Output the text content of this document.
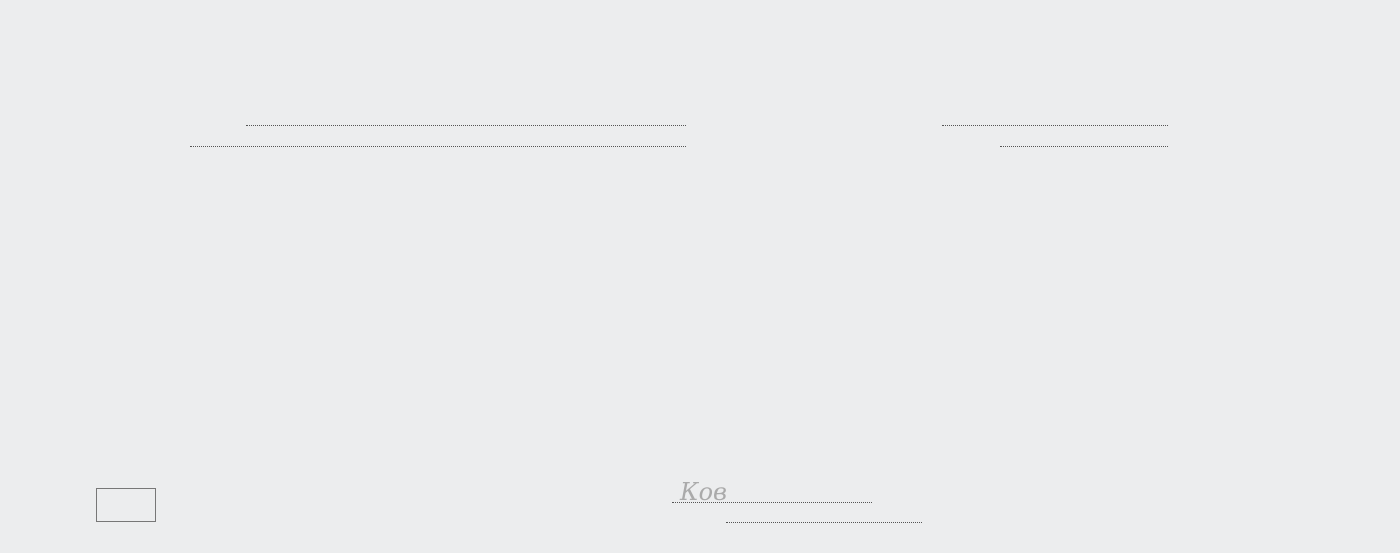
Ков
